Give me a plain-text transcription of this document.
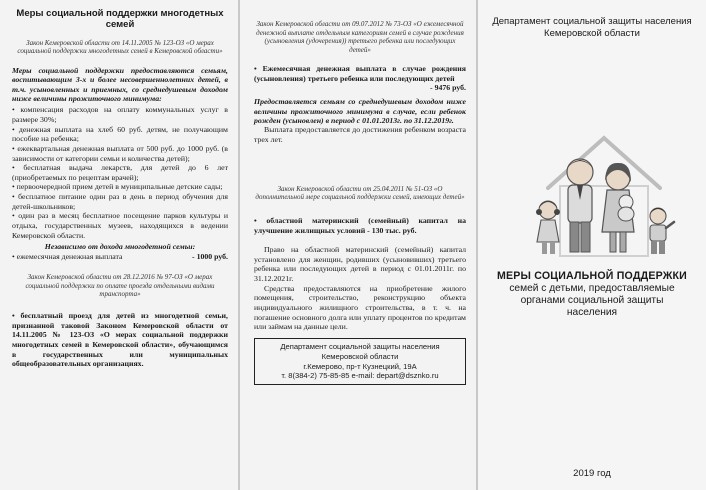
Меры социальной поддержки многодетных семей
Закон Кемеровской области от 14.11.2005 № 123-ОЗ «О мерах социальной поддержки многодетных семей в Кемеровской области»
Меры социальной поддержки предоставляются семьям, воспитывающим 3-х и более несовершеннолетних детей, в т.ч. усыновленных и приемных, со среднедушевым доходом ниже величины прожиточного минимума:
• компенсация расходов на оплату коммунальных услуг в размере 30%;
• денежная выплата на хлеб 60 руб. детям, не получающим пособие на ребенка;
• ежеквартальная денежная выплата от 500 руб. до 1000 руб. (в зависимости от категории семьи и количества детей);
• бесплатная выдача лекарств, для детей до 6 лет (приобретаемых по рецептам врачей);
• первоочередной прием детей в муниципальные детские сады;
• бесплатное питание один раз в день в период обучения для детей-школьников;
• один раз в месяц бесплатное посещение парков культуры и отдыха, государственных музеев, находящихся в ведении Кемеровской области.
Независимо от дохода многодетной семьи:
• ежемесячная денежная выплата	- 1000 руб.
Закон Кемеровской области от 28.12.2016 № 97-ОЗ «О мерах социальной поддержки по оплате проезда отдельными видами транспорта»
• бесплатный проезд для детей из многодетной семьи, признанной таковой Законом Кемеровской области от 14.11.2005 № 123-ОЗ «О мерах социальной поддержки многодетных семей в Кемеровской области», обучающимся в государственных или муниципальных общеобразовательных организациях.
Закон Кемеровской области от 09.07.2012 № 73-ОЗ «О ежемесячной денежной выплате отдельным категориям семей в случае рождения (усыновления (удочерения)) третьего ребенка или последующих детей»
• Ежемесячная денежная выплата в случае рождения (усыновления) третьего ребенка или последующих детей
- 9476 руб.
Предоставляется семьям со среднедушевым доходом ниже величины прожиточного минимума в случае, если ребенок рожден (усыновлен) в период с 01.01.2013г. по 31.12.2019г.
Выплата предоставляется до достижения ребенком возраста трех лет.
Закон Кемеровской области от 25.04.2011 № 51-ОЗ «О дополнительной мере социальной поддержки семей, имеющих детей»
• областной материнский (семейный) капитал на улучшение жилищных условий - 130 тыс. руб.
Право на областной материнский (семейный) капитал установлено для женщин, родивших (усыновивших) третьего ребенка или последующих детей в период с 01.01.2011г. по 31.12.2021г.
Средства предоставляются на приобретение жилого помещения, строительство, реконструкцию объекта индивидуального жилищного строительства, в т. ч. на погашение основного долга или уплату процентов по кредитам или займам на данные цели.
Департамент социальной защиты населения
Кемеровской области
г.Кемерово, пр-т Кузнецкий, 19А
т. 8(384-2) 75-85-85 e-mail: depart@dsznko.ru
Департамент социальной защиты населения Кемеровской области
МЕРЫ СОЦИАЛЬНОЙ ПОДДЕРЖКИ
семей с детьми, предоставляемые органами социальной защиты населения
2019 год
